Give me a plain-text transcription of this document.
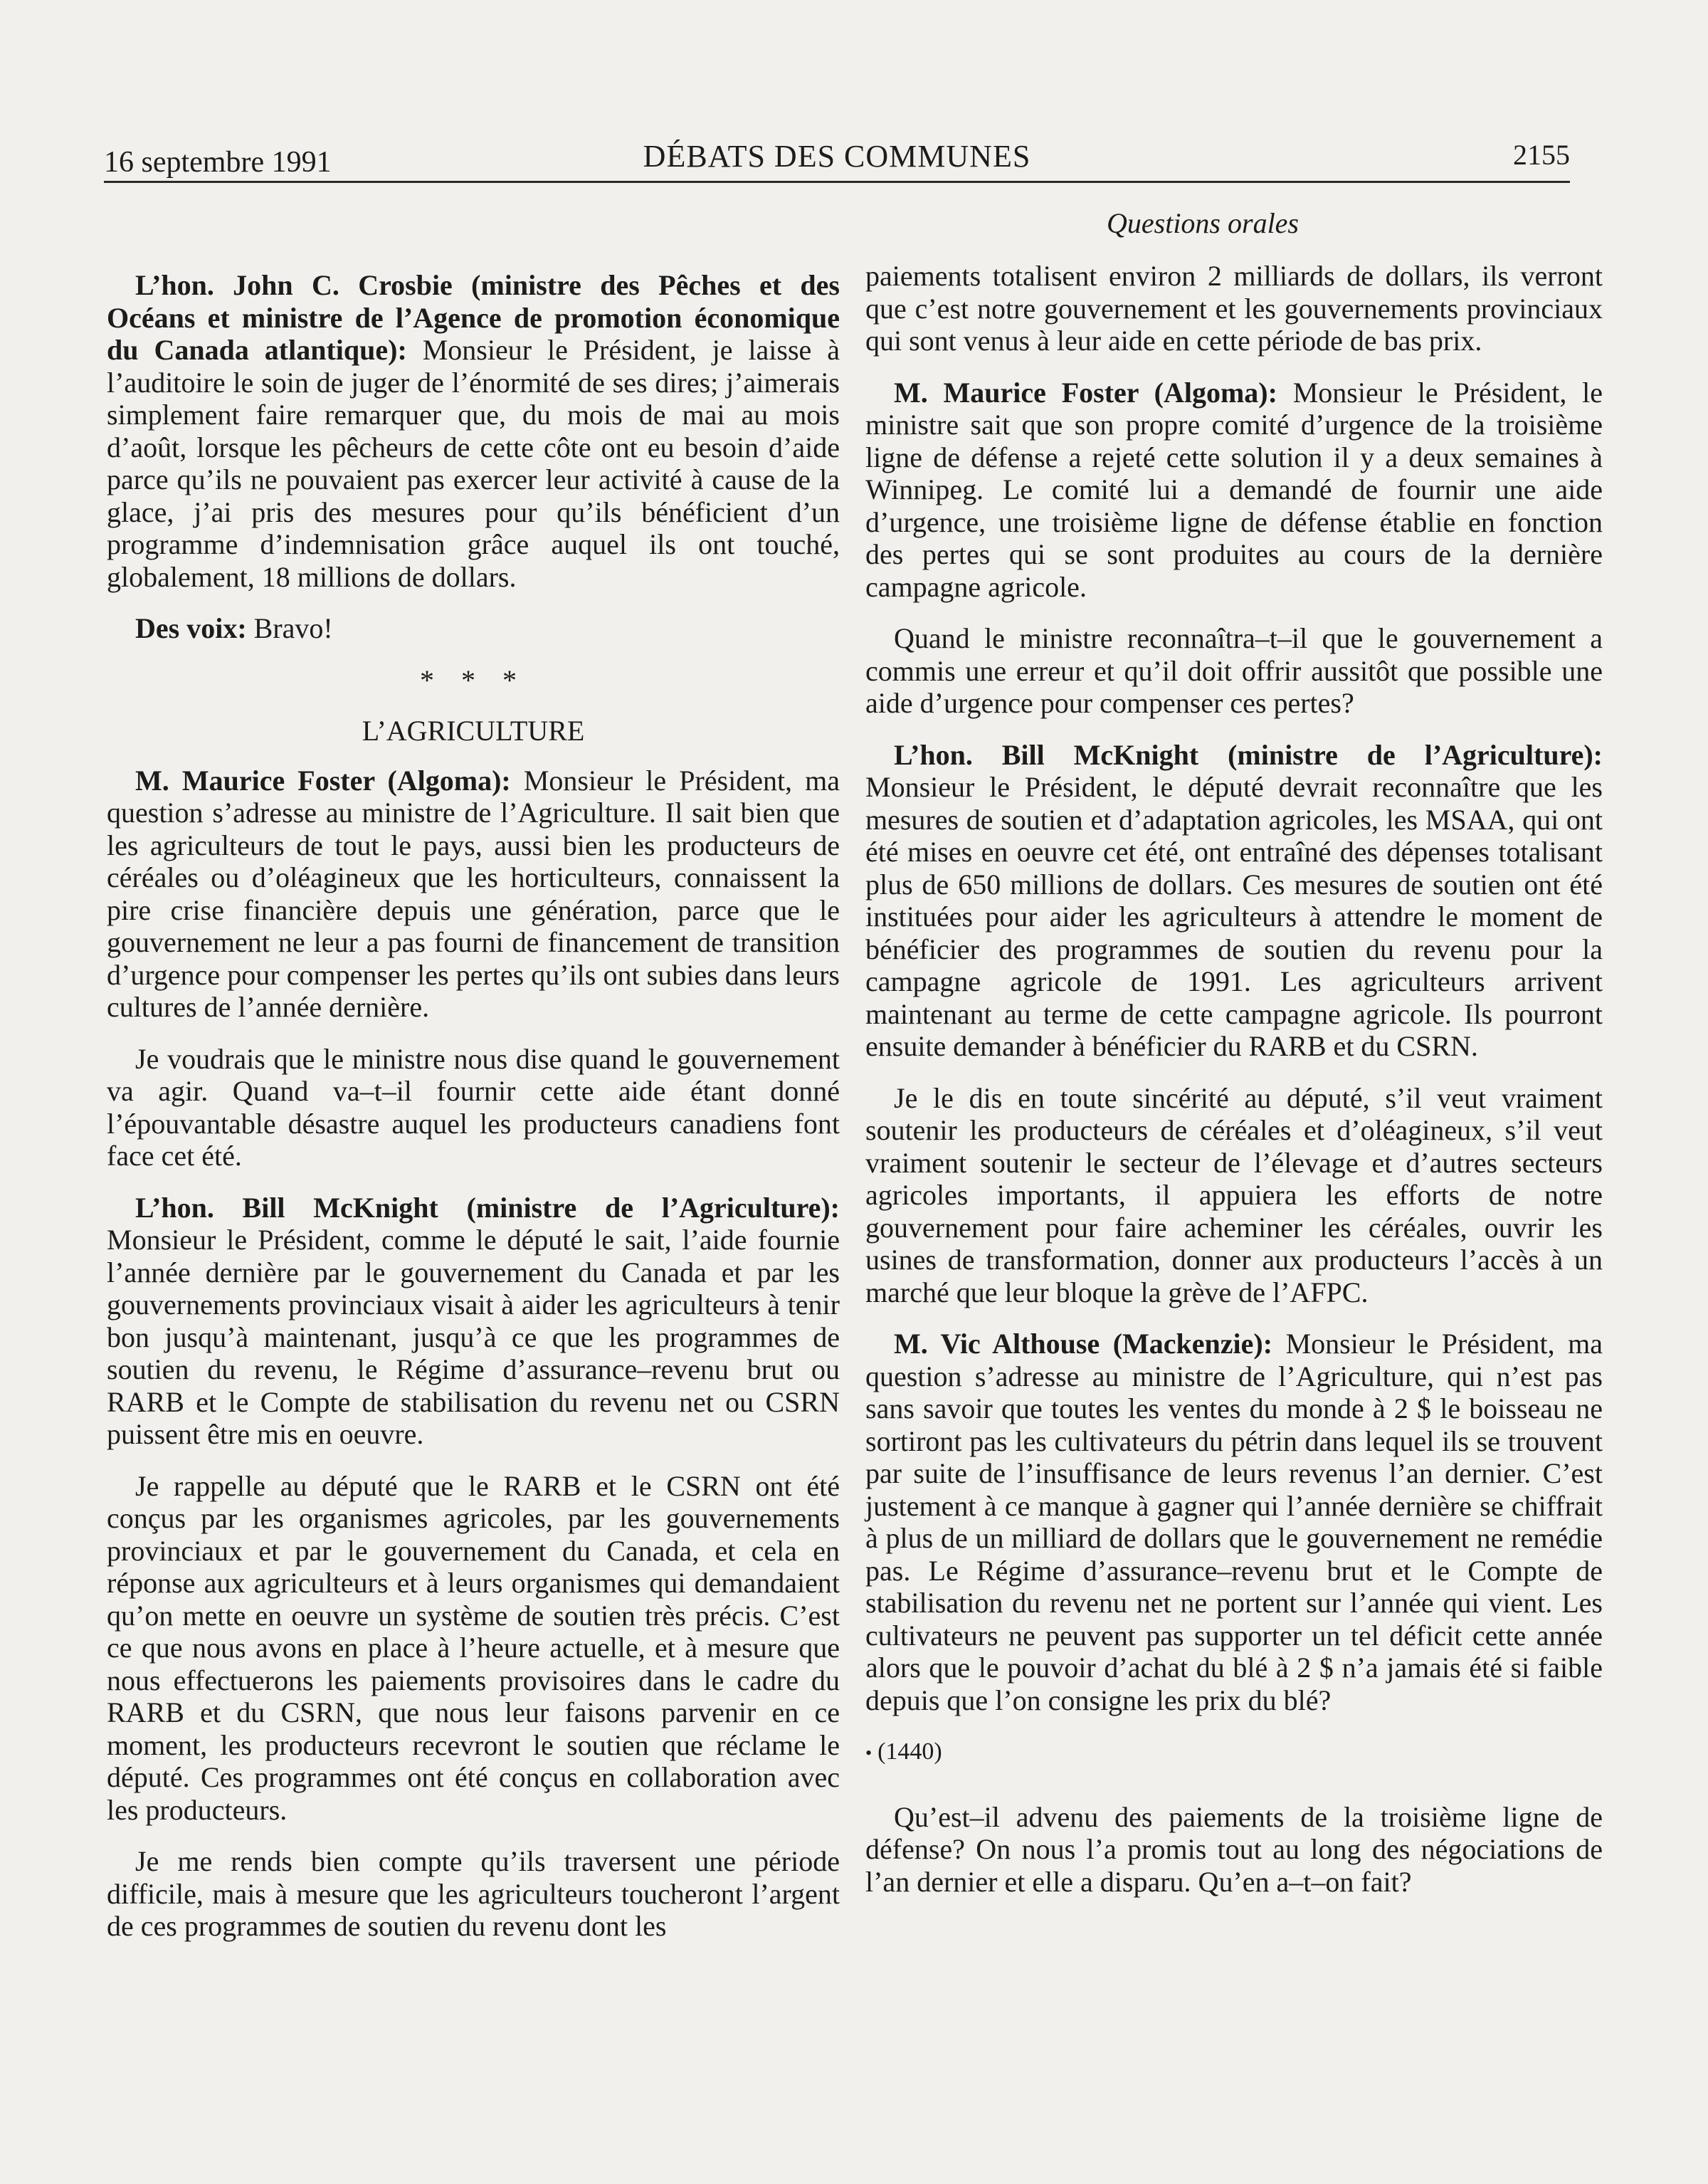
16 septembre 1991	DÉBATS DES COMMUNES	2155
Questions orales

L’hon. John C. Crosbie (ministre des Pêches et des Océans et ministre de l’Agence de promotion économique du Canada atlantique): Monsieur le Président, je laisse à l’auditoire le soin de juger de l’énormité de ses dires; j’aimerais simplement faire remarquer que, du mois de mai au mois d’août, lorsque les pêcheurs de cette côte ont eu besoin d’aide parce qu’ils ne pouvaient pas exercer leur activité à cause de la glace, j’ai pris des mesures pour qu’ils bénéficient d’un programme d’indemnisation grâce auquel ils ont touché, globalement, 18 millions de dollars.

Des voix: Bravo!

* * *
L’AGRICULTURE

M. Maurice Foster (Algoma): Monsieur le Président, ma question s’adresse au ministre de l’Agriculture. Il sait bien que les agriculteurs de tout le pays, aussi bien les producteurs de céréales ou d’oléagineux que les horticulteurs, connaissent la pire crise financière depuis une génération, parce que le gouvernement ne leur a pas fourni de financement de transition d’urgence pour compenser les pertes qu’ils ont subies dans leurs cultures de l’année dernière.

Je voudrais que le ministre nous dise quand le gouvernement va agir. Quand va–t–il fournir cette aide étant donné l’épouvantable désastre auquel les producteurs canadiens font face cet été.

L’hon. Bill McKnight (ministre de l’Agriculture): Monsieur le Président, comme le député le sait, l’aide fournie l’année dernière par le gouvernement du Canada et par les gouvernements provinciaux visait à aider les agriculteurs à tenir bon jusqu’à maintenant, jusqu’à ce que les programmes de soutien du revenu, le Régime d’assurance–revenu brut ou RARB et le Compte de stabilisation du revenu net ou CSRN puissent être mis en oeuvre.

Je rappelle au député que le RARB et le CSRN ont été conçus par les organismes agricoles, par les gouvernements provinciaux et par le gouvernement du Canada, et cela en réponse aux agriculteurs et à leurs organismes qui demandaient qu’on mette en oeuvre un système de soutien très précis. C’est ce que nous avons en place à l’heure actuelle, et à mesure que nous effectuerons les paiements provisoires dans le cadre du RARB et du CSRN, que nous leur faisons parvenir en ce moment, les producteurs recevront le soutien que réclame le député. Ces programmes ont été conçus en collaboration avec les producteurs.

Je me rends bien compte qu’ils traversent une période difficile, mais à mesure que les agriculteurs toucheront l’argent de ces programmes de soutien du revenu dont les

paiements totalisent environ 2 milliards de dollars, ils verront que c’est notre gouvernement et les gouvernements provinciaux qui sont venus à leur aide en cette période de bas prix.

M. Maurice Foster (Algoma): Monsieur le Président, le ministre sait que son propre comité d’urgence de la troisième ligne de défense a rejeté cette solution il y a deux semaines à Winnipeg. Le comité lui a demandé de fournir une aide d’urgence, une troisième ligne de défense établie en fonction des pertes qui se sont produites au cours de la dernière campagne agricole.

Quand le ministre reconnaîtra–t–il que le gouvernement a commis une erreur et qu’il doit offrir aussitôt que possible une aide d’urgence pour compenser ces pertes?

L’hon. Bill McKnight (ministre de l’Agriculture): Monsieur le Président, le député devrait reconnaître que les mesures de soutien et d’adaptation agricoles, les MSAA, qui ont été mises en oeuvre cet été, ont entraîné des dépenses totalisant plus de 650 millions de dollars. Ces mesures de soutien ont été instituées pour aider les agriculteurs à attendre le moment de bénéficier des programmes de soutien du revenu pour la campagne agricole de 1991. Les agriculteurs arrivent maintenant au terme de cette campagne agricole. Ils pourront ensuite demander à bénéficier du RARB et du CSRN.

Je le dis en toute sincérité au député, s’il veut vraiment soutenir les producteurs de céréales et d’oléagineux, s’il veut vraiment soutenir le secteur de l’élevage et d’autres secteurs agricoles importants, il appuiera les efforts de notre gouvernement pour faire acheminer les céréales, ouvrir les usines de transformation, donner aux producteurs l’accès à un marché que leur bloque la grève de l’AFPC.

M. Vic Althouse (Mackenzie): Monsieur le Président, ma question s’adresse au ministre de l’Agriculture, qui n’est pas sans savoir que toutes les ventes du monde à 2 $ le boisseau ne sortiront pas les cultivateurs du pétrin dans lequel ils se trouvent par suite de l’insuffisance de leurs revenus l’an dernier. C’est justement à ce manque à gagner qui l’année dernière se chiffrait à plus de un milliard de dollars que le gouvernement ne remédie pas. Le Régime d’assurance–revenu brut et le Compte de stabilisation du revenu net ne portent sur l’année qui vient. Les cultivateurs ne peuvent pas supporter un tel déficit cette année alors que le pouvoir d’achat du blé à 2 $ n’a jamais été si faible depuis que l’on consigne les prix du blé?

• (1440)

Qu’est–il advenu des paiements de la troisième ligne de défense? On nous l’a promis tout au long des négociations de l’an dernier et elle a disparu. Qu’en a–t–on fait?
